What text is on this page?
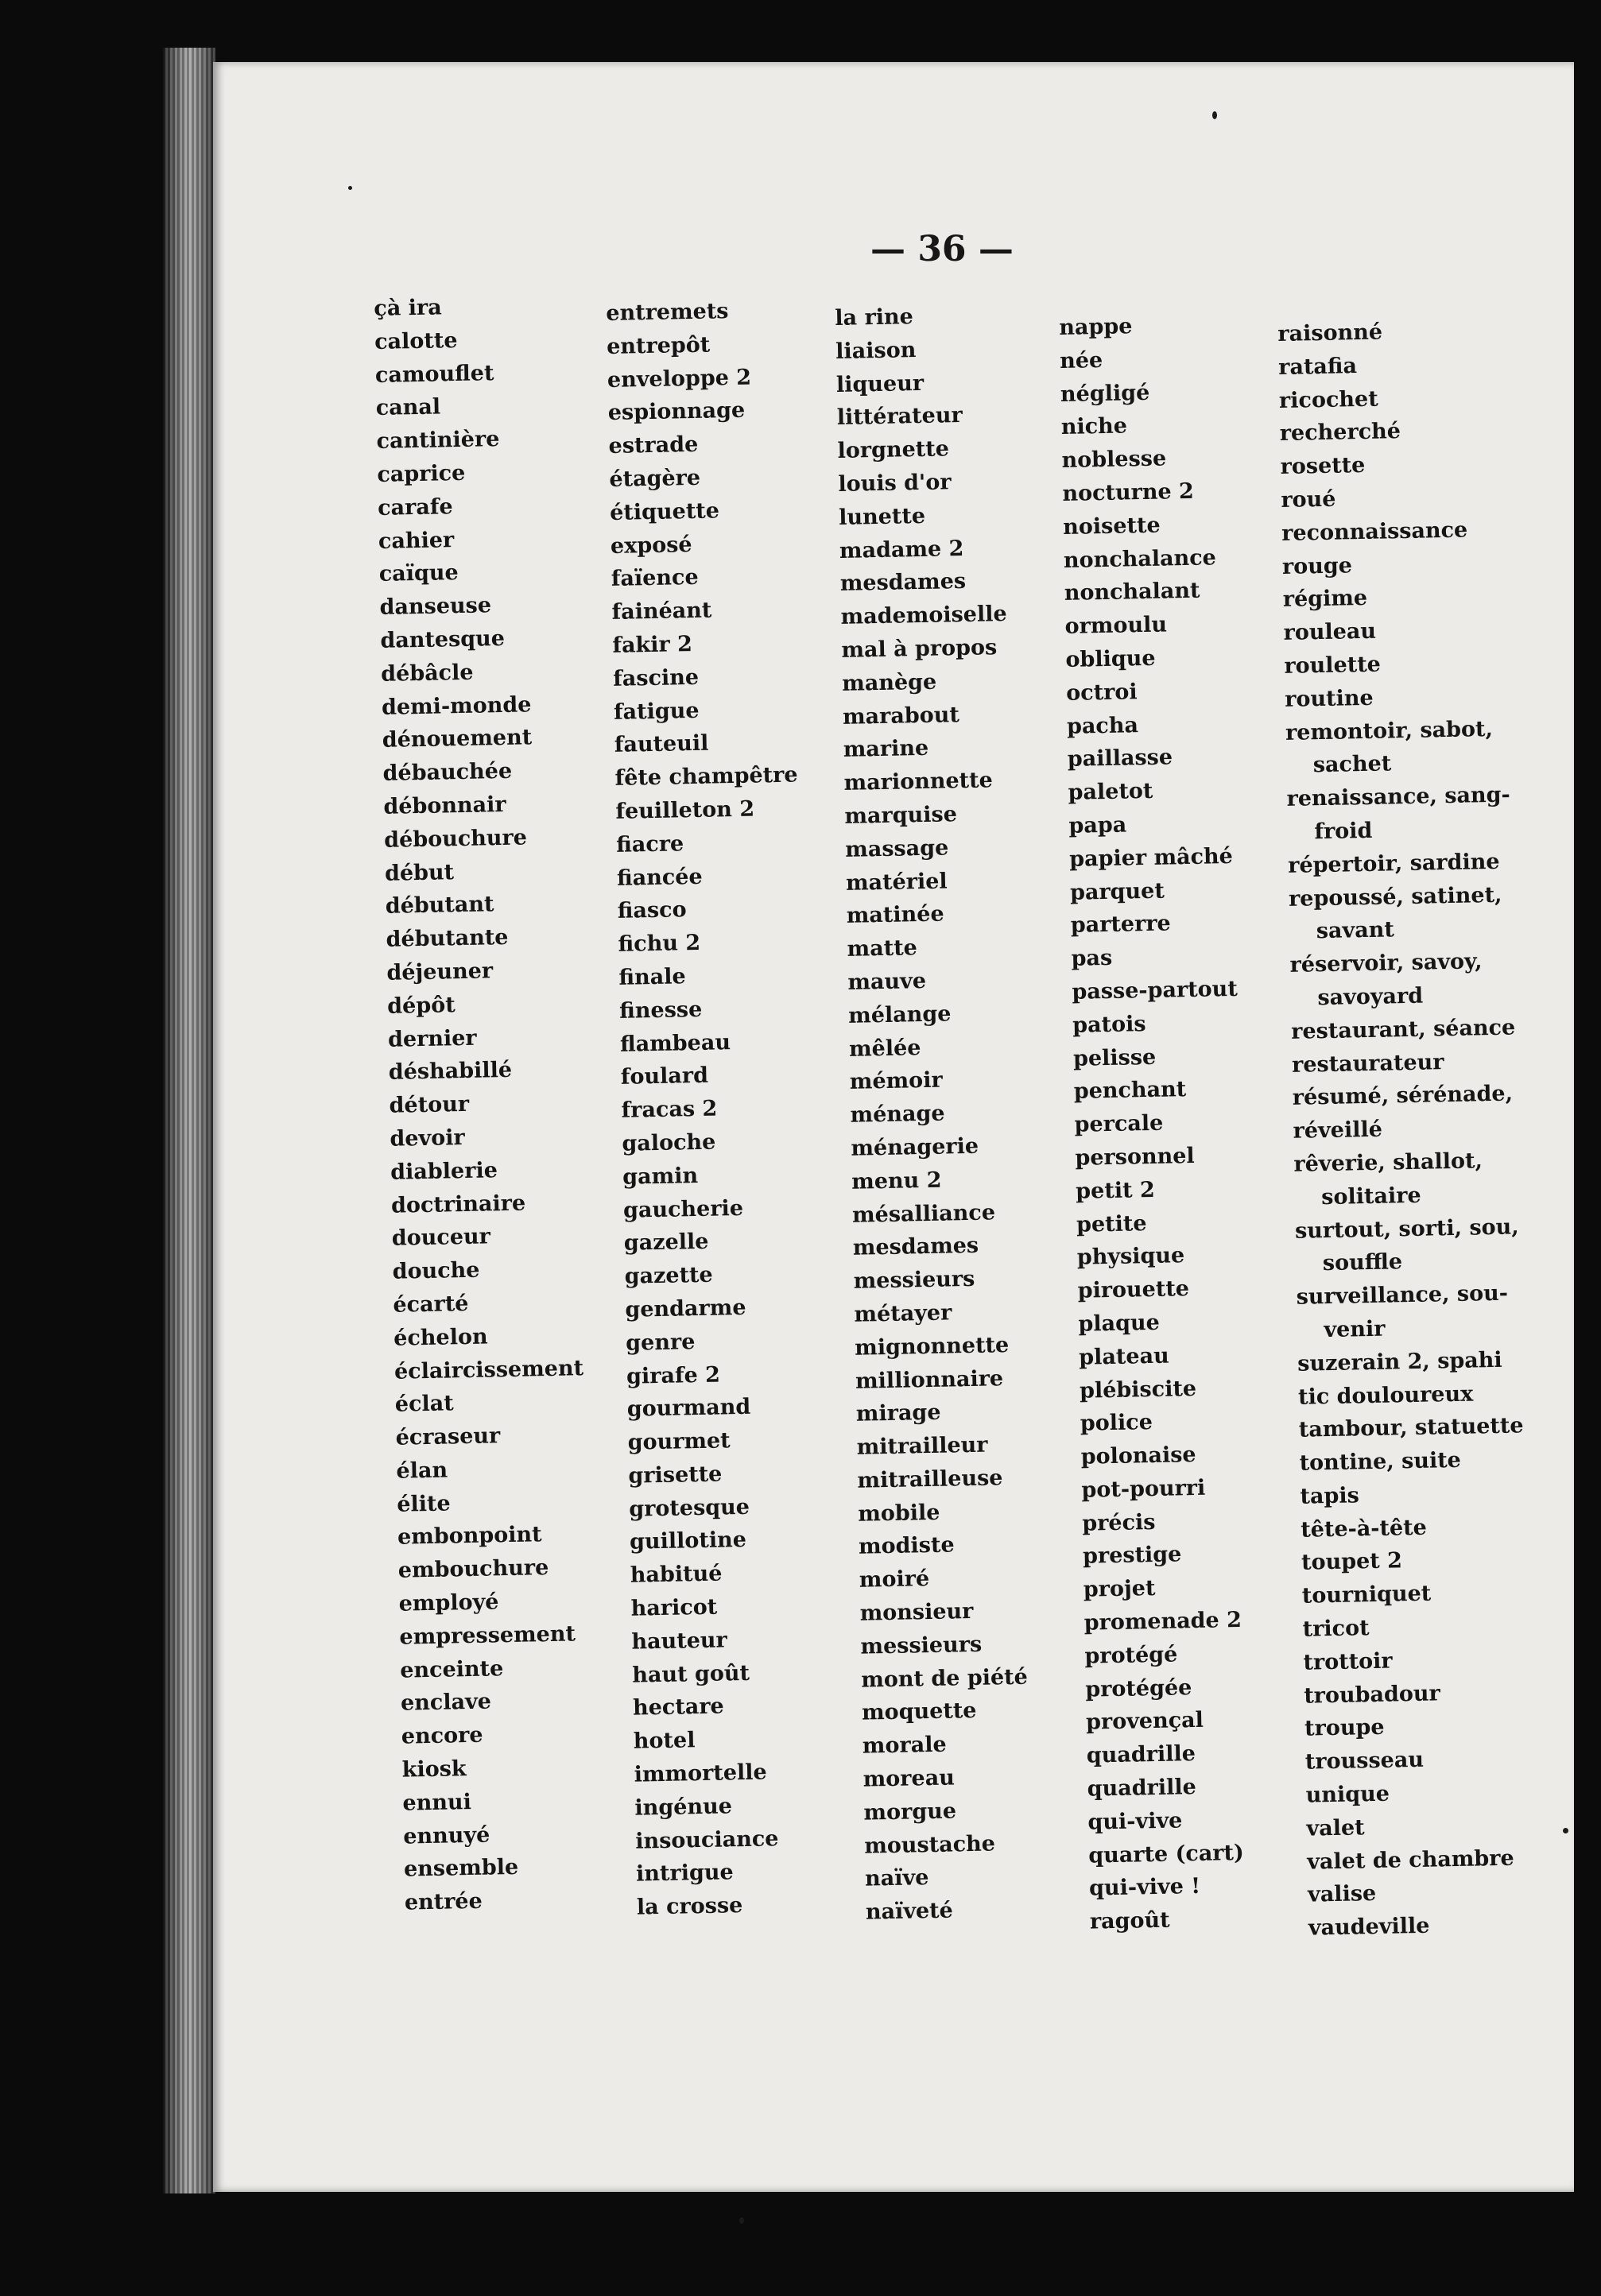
— 36 —
çà ira
calotte
camouflet
canal
cantinière
caprice
carafe
cahier
caïque
danseuse
dantesque
débâcle
demi-monde
dénouement
débauchée
débonnair
débouchure
début
débutant
débutante
déjeuner
dépôt
dernier
déshabillé
détour
devoir
diablerie
doctrinaire
douceur
douche
écarté
échelon
éclaircissement
éclat
écraseur
élan
élite
embonpoint
embouchure
employé
empressement
enceinte
enclave
encore
kiosk
ennui
ennuyé
ensemble
entrée
entremets
entrepôt
enveloppe 2
espionnage
estrade
étagère
étiquette
exposé
faïence
fainéant
fakir 2
fascine
fatigue
fauteuil
fête champêtre
feuilleton 2
fiacre
fiancée
fiasco
fichu 2
finale
finesse
flambeau
foulard
fracas 2
galoche
gamin
gaucherie
gazelle
gazette
gendarme
genre
girafe 2
gourmand
gourmet
grisette
grotesque
guillotine
habitué
haricot
hauteur
haut goût
hectare
hotel
immortelle
ingénue
insouciance
intrigue
la crosse
la rine
liaison
liqueur
littérateur
lorgnette
louis d'or
lunette
madame 2
mesdames
mademoiselle
mal à propos
manège
marabout
marine
marionnette
marquise
massage
matériel
matinée
matte
mauve
mélange
mêlée
mémoir
ménage
ménagerie
menu 2
mésalliance
mesdames
messieurs
métayer
mignonnette
millionnaire
mirage
mitrailleur
mitrailleuse
mobile
modiste
moiré
monsieur
messieurs
mont de piété
moquette
morale
moreau
morgue
moustache
naïve
naïveté
nappe
née
négligé
niche
noblesse
nocturne 2
noisette
nonchalance
nonchalant
ormoulu
oblique
octroi
pacha
paillasse
paletot
papa
papier mâché
parquet
parterre
pas
passe-partout
patois
pelisse
penchant
percale
personnel
petit 2
petite
physique
pirouette
plaque
plateau
plébiscite
police
polonaise
pot-pourri
précis
prestige
projet
promenade 2
protégé
protégée
provençal
quadrille
quadrille
qui-vive
quarte (cart)
qui-vive !
ragoût
raisonné
ratafia
ricochet
recherché
rosette
roué
reconnaissance
rouge
régime
rouleau
roulette
routine
remontoir, sabot,
sachet
renaissance, sang-
froid
répertoir, sardine
repoussé, satinet,
savant
réservoir, savoy,
savoyard
restaurant, séance
restaurateur
résumé, sérénade,
réveillé
rêverie, shallot,
solitaire
surtout, sorti, sou,
souffle
surveillance, sou-
venir
suzerain 2, spahi
tic douloureux
tambour, statuette
tontine, suite
tapis
tête-à-tête
toupet 2
tourniquet
tricot
trottoir
troubadour
troupe
trousseau
unique
valet
valet de chambre
valise
vaudeville
